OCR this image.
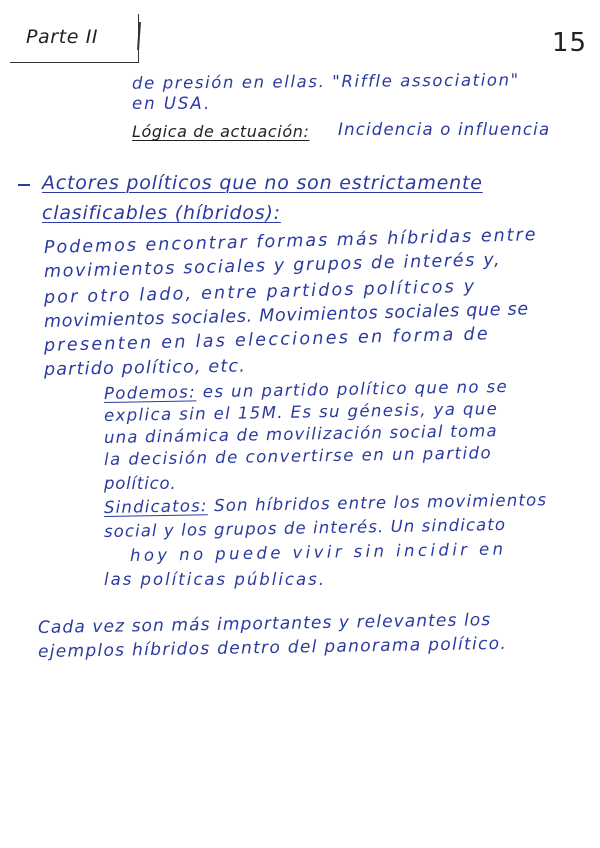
Parte II	15
de presión en ellas. "Riffle association"
en USA.
Lógica de actuación: Incidencia o influencia
Actores políticos que no son estrictamente
clasificables (híbridos):
Podemos encontrar formas más híbridas entre
movimientos sociales y grupos de interés y,
por otro lado, entre partidos políticos y
movimientos sociales. Movimientos sociales que se
presenten en las elecciones en forma de
partido político, etc.
Podemos: es un partido político que no se
explica sin el 15M. Es su génesis, ya que
una dinámica de movilización social toma
la decisión de convertirse en un partido
político.
Sindicatos: Son híbridos entre los movimientos
social y los grupos de interés. Un sindicato
hoy no puede vivir sin incidir en
las políticas públicas.
Cada vez son más importantes y relevantes los
ejemplos híbridos dentro del panorama político.
